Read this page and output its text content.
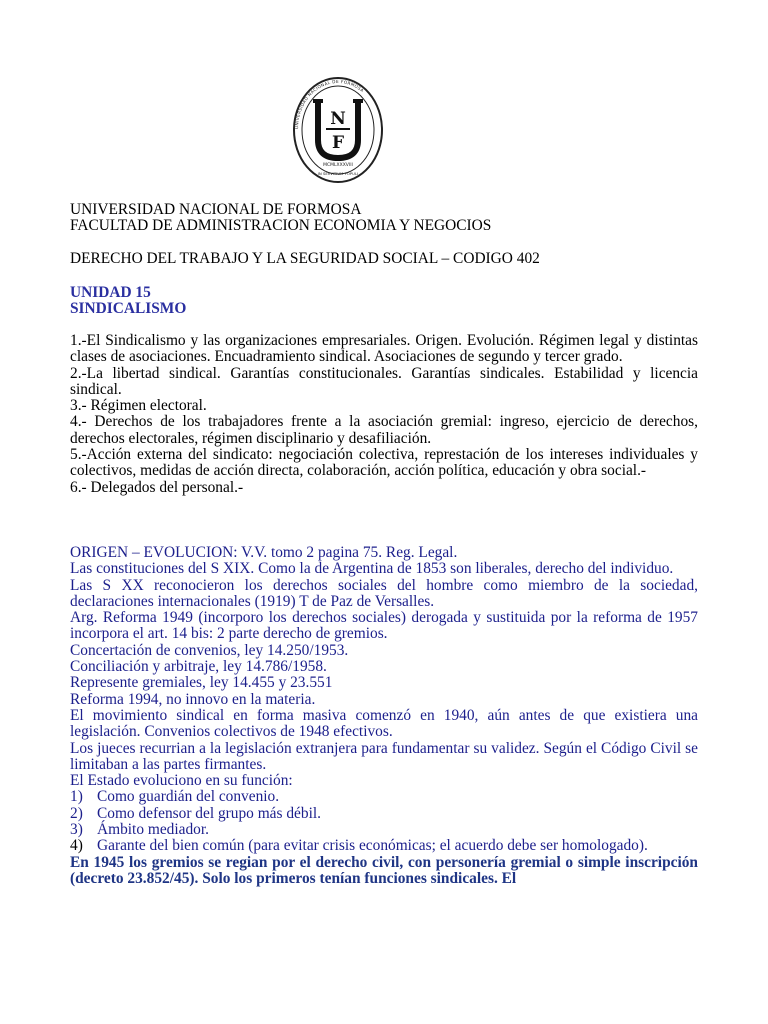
UNIVERSIDAD NACIONAL DE FORMOSA
N
F
MCMLXXXVIII
IN SERVITIUM POPULI
UNIVERSIDAD NACIONAL DE FORMOSA
FACULTAD DE ADMINISTRACION ECONOMIA Y NEGOCIOS
DERECHO DEL TRABAJO Y LA SEGURIDAD SOCIAL – CODIGO 402
UNIDAD 15
SINDICALISMO

1.-El Sindicalismo y las organizaciones empresariales. Origen. Evolución. Régimen legal y distintas clases de asociaciones. Encuadramiento sindical. Asociaciones de segundo y tercer grado.

2.-La libertad sindical. Garantías constitucionales. Garantías sindicales. Estabilidad y licencia sindical.

3.- Régimen electoral.

4.- Derechos de los trabajadores frente a la asociación gremial: ingreso, ejercicio de derechos, derechos electorales, régimen disciplinario y desafiliación.

5.-Acción externa del sindicato: negociación colectiva, represtación de los intereses individuales y colectivos, medidas de acción directa, colaboración, acción política, educación y obra social.-

6.- Delegados del personal.-

ORIGEN – EVOLUCION: V.V. tomo 2 pagina 75. Reg. Legal.

Las constituciones del S XIX. Como la de Argentina de 1853 son liberales, derecho del individuo.

Las S XX reconocieron los derechos sociales del hombre como miembro de la sociedad, declaraciones internacionales (1919) T de Paz de Versalles.

Arg. Reforma 1949 (incorporo los derechos sociales) derogada y sustituida por la reforma de 1957 incorpora el art. 14 bis: 2 parte derecho de gremios.

Concertación de convenios, ley 14.250/1953.

Conciliación y arbitraje, ley 14.786/1958.

Represente gremiales, ley 14.455 y 23.551

Reforma 1994, no innovo en la materia.

El movimiento sindical en forma masiva comenzó en 1940, aún antes de que existiera una legislación. Convenios colectivos de 1948 efectivos.

Los jueces recurrian a la legislación extranjera para fundamentar su validez. Según el Código Civil se limitaban a las partes firmantes.

El Estado evoluciono en su función:

1) Como guardián del convenio.
2) Como defensor del grupo más débil.
3) Ámbito mediador.
4) Garante del bien común (para evitar crisis económicas; el acuerdo debe ser homologado).

En 1945 los gremios se regian por el derecho civil, con personería gremial o simple inscripción (decreto 23.852/45). Solo los primeros tenían funciones sindicales. El
